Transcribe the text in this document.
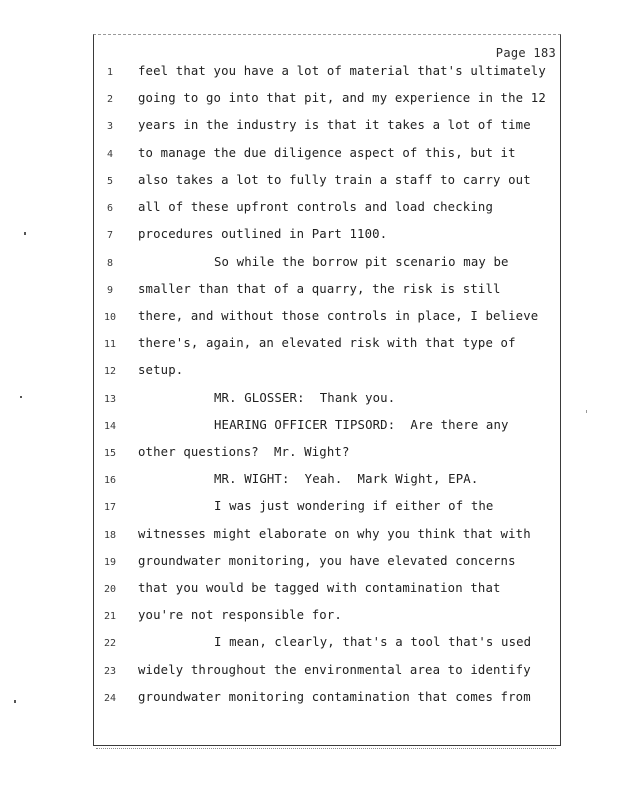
Page 183
1	feel that you have a lot of material that's ultimately
2	going to go into that pit, and my experience in the 12
3	years in the industry is that it takes a lot of time
4	to manage the due diligence aspect of this, but it
5	also takes a lot to fully train a staff to carry out
6	all of these upfront controls and load checking
7	procedures outlined in Part 1100.
8	So while the borrow pit scenario may be
9	smaller than that of a quarry, the risk is still
10	there, and without those controls in place, I believe
11	there's, again, an elevated risk with that type of
12	setup.
13	MR. GLOSSER:  Thank you.
14	HEARING OFFICER TIPSORD:  Are there any
15	other questions?  Mr. Wight?
16	MR. WIGHT:  Yeah.  Mark Wight, EPA.
17	I was just wondering if either of the
18	witnesses might elaborate on why you think that with
19	groundwater monitoring, you have elevated concerns
20	that you would be tagged with contamination that
21	you're not responsible for.
22	I mean, clearly, that's a tool that's used
23	widely throughout the environmental area to identify
24	groundwater monitoring contamination that comes from
